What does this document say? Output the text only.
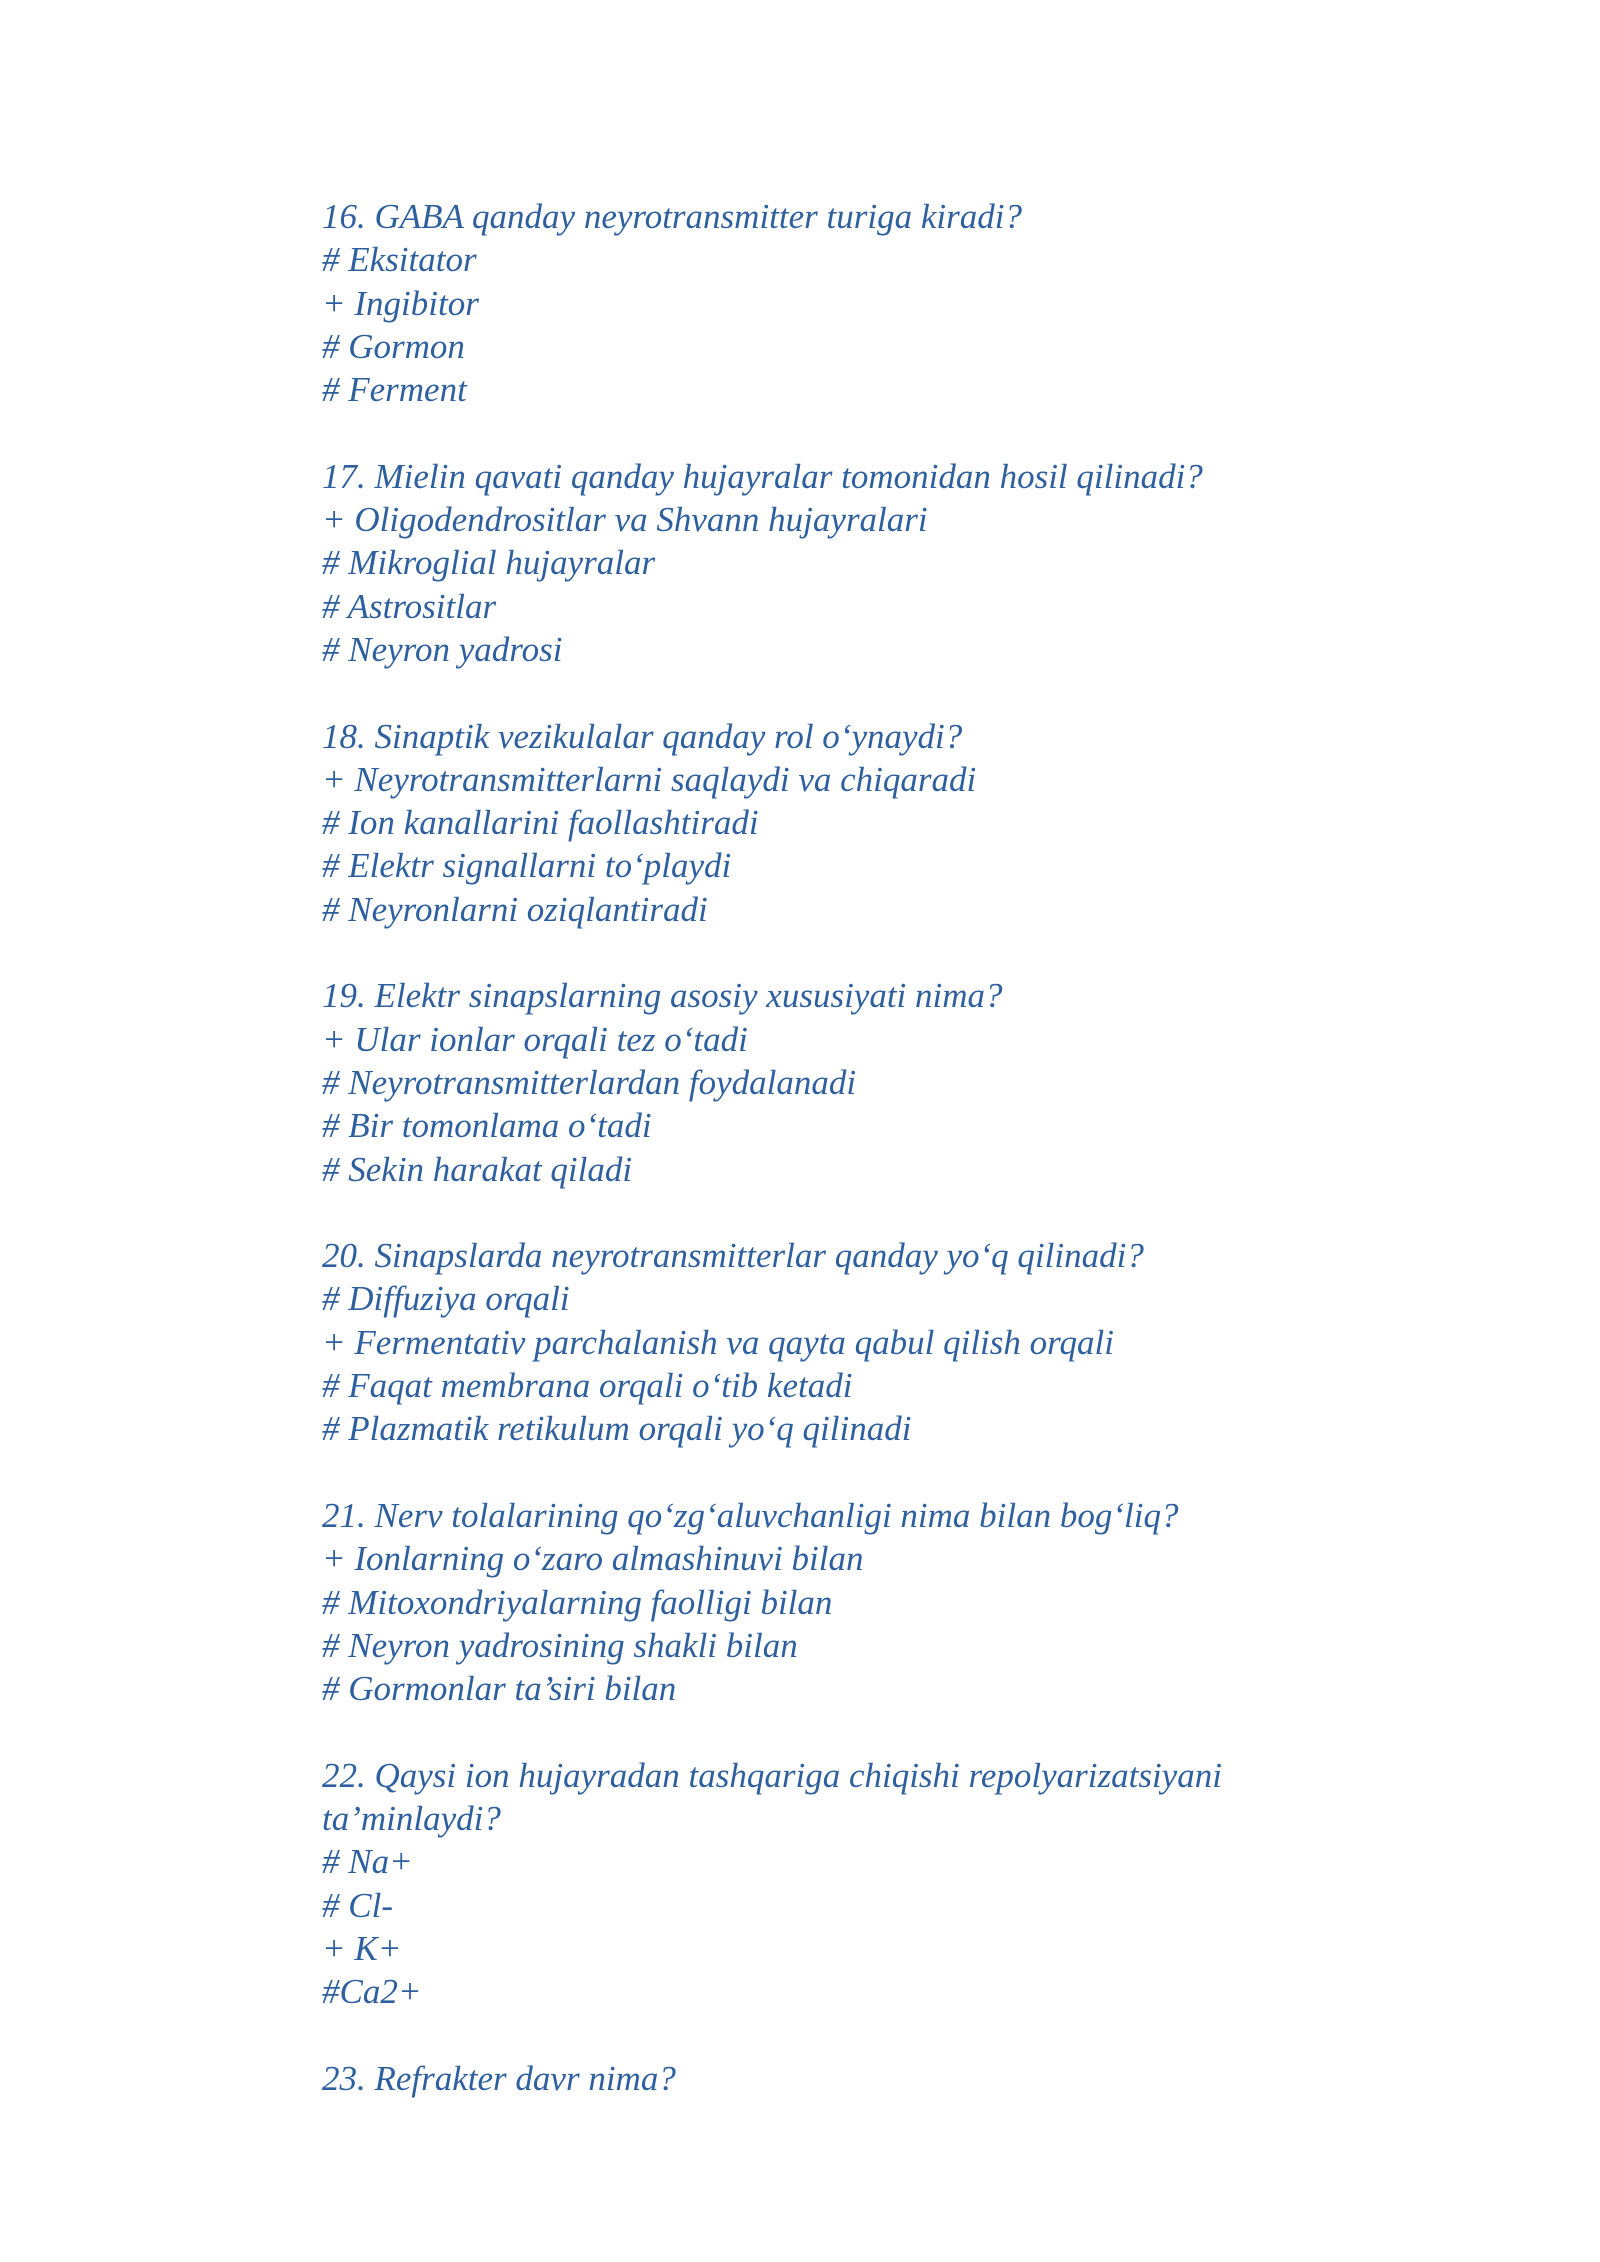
16. GABA qanday neyrotransmitter turiga kiradi?
# Eksitator
+ Ingibitor
# Gormon
# Ferment
17. Mielin qavati qanday hujayralar tomonidan hosil qilinadi?
+ Oligodendrositlar va Shvann hujayralari
# Mikroglial hujayralar
# Astrositlar
# Neyron yadrosi
18. Sinaptik vezikulalar qanday rol o‘ynaydi?
+ Neyrotransmitterlarni saqlaydi va chiqaradi
# Ion kanallarini faollashtiradi
# Elektr signallarni to‘playdi
# Neyronlarni oziqlantiradi
19. Elektr sinapslarning asosiy xususiyati nima?
+ Ular ionlar orqali tez o‘tadi
# Neyrotransmitterlardan foydalanadi
# Bir tomonlama o‘tadi
# Sekin harakat qiladi
20. Sinapslarda neyrotransmitterlar qanday yo‘q qilinadi?
# Diffuziya orqali
+ Fermentativ parchalanish va qayta qabul qilish orqali
# Faqat membrana orqali o‘tib ketadi
# Plazmatik retikulum orqali yo‘q qilinadi
21. Nerv tolalarining qo‘zg‘aluvchanligi nima bilan bog‘liq?
+ Ionlarning o‘zaro almashinuvi bilan
# Mitoxondriyalarning faolligi bilan
# Neyron yadrosining shakli bilan
# Gormonlar ta’siri bilan
22. Qaysi ion hujayradan tashqariga chiqishi repolyarizatsiyani ta’minlaydi?
# Na+
# Cl-
+ K+
#Ca2+
23. Refrakter davr nima?
